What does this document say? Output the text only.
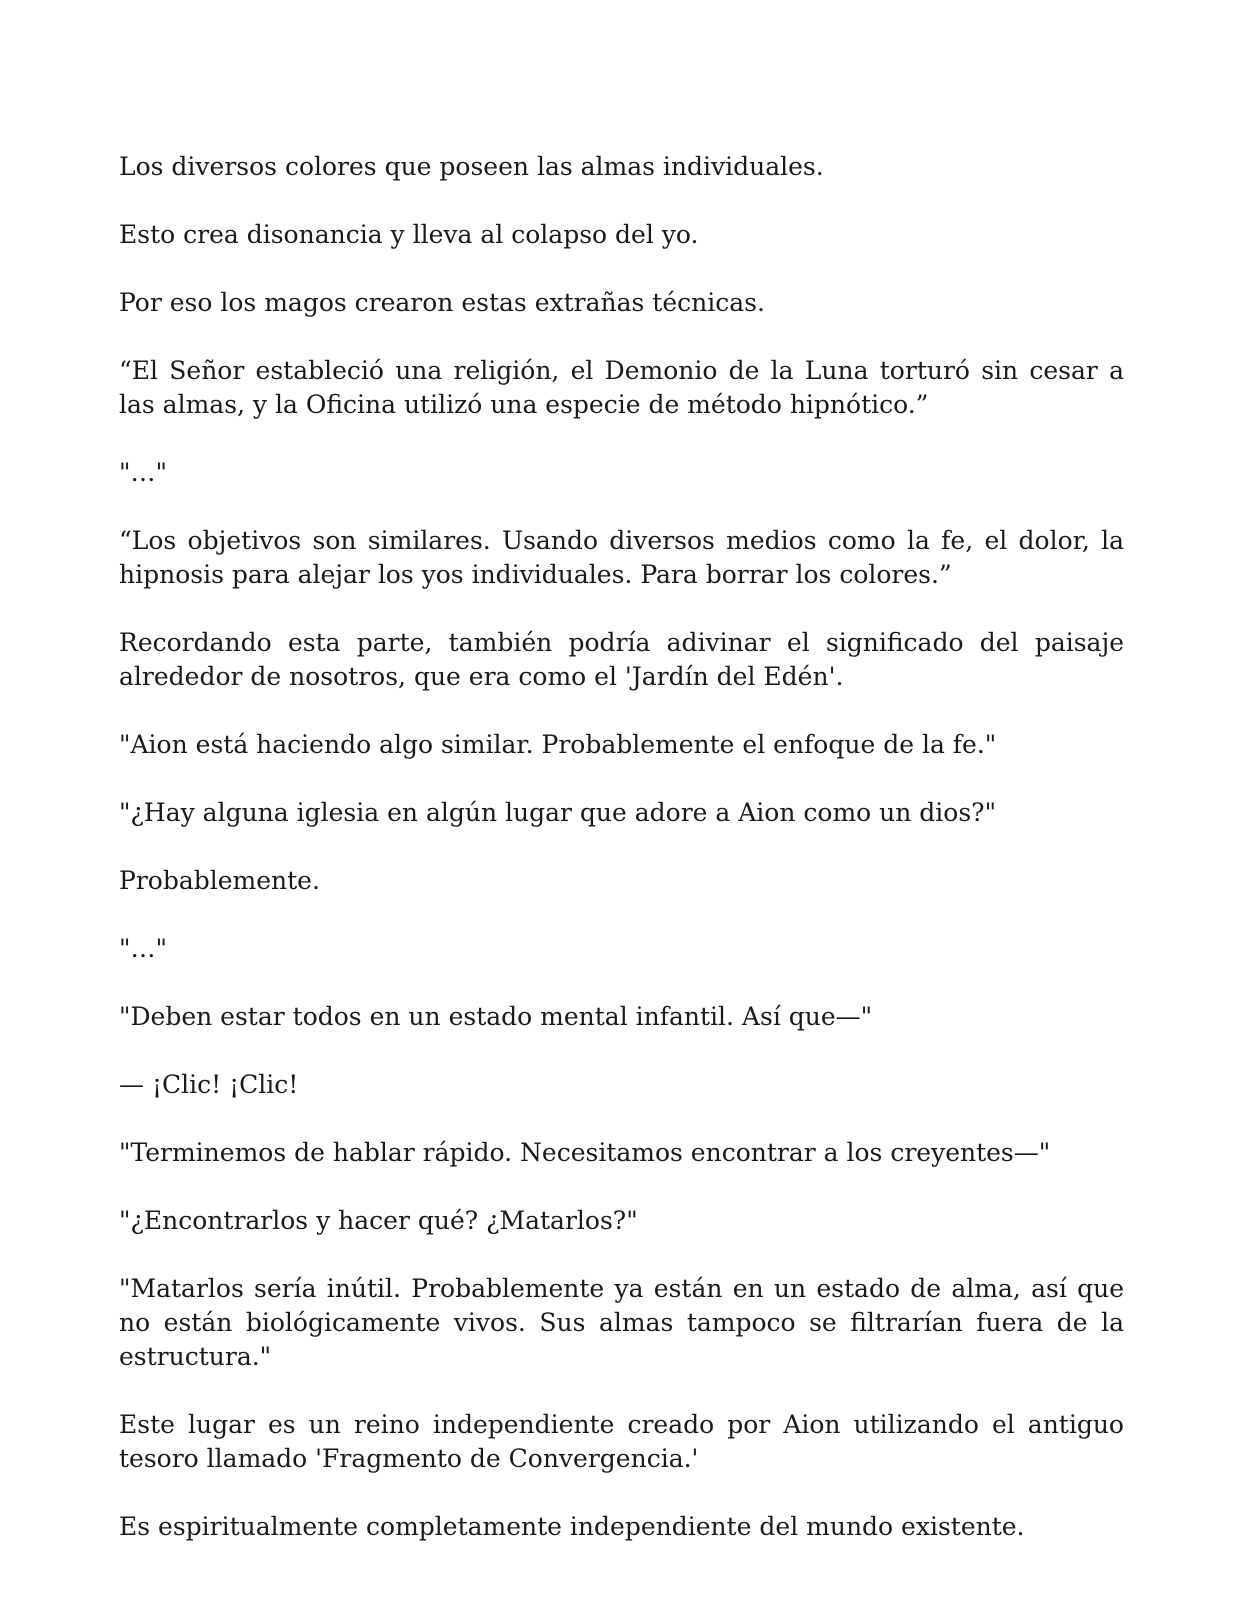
Los diversos colores que poseen las almas individuales.

Esto crea disonancia y lleva al colapso del yo.

Por eso los magos crearon estas extrañas técnicas.

“El Señor estableció una religión, el Demonio de la Luna torturó sin cesar a las almas, y la Oficina utilizó una especie de método hipnótico.”

"…"

“Los objetivos son similares. Usando diversos medios como la fe, el dolor, la hipnosis para alejar los yos individuales. Para borrar los colores.”

Recordando esta parte, también podría adivinar el significado del paisaje alrededor de nosotros, que era como el 'Jardín del Edén'.

"Aion está haciendo algo similar. Probablemente el enfoque de la fe."

"¿Hay alguna iglesia en algún lugar que adore a Aion como un dios?"

Probablemente.

"…"

"Deben estar todos en un estado mental infantil. Así que—"

— ¡Clic! ¡Clic!

"Terminemos de hablar rápido. Necesitamos encontrar a los creyentes—"

"¿Encontrarlos y hacer qué? ¿Matarlos?"

"Matarlos sería inútil. Probablemente ya están en un estado de alma, así que no están biológicamente vivos. Sus almas tampoco se filtrarían fuera de la estructura."

Este lugar es un reino independiente creado por Aion utilizando el antiguo tesoro llamado 'Fragmento de Convergencia.'

Es espiritualmente completamente independiente del mundo existente.
